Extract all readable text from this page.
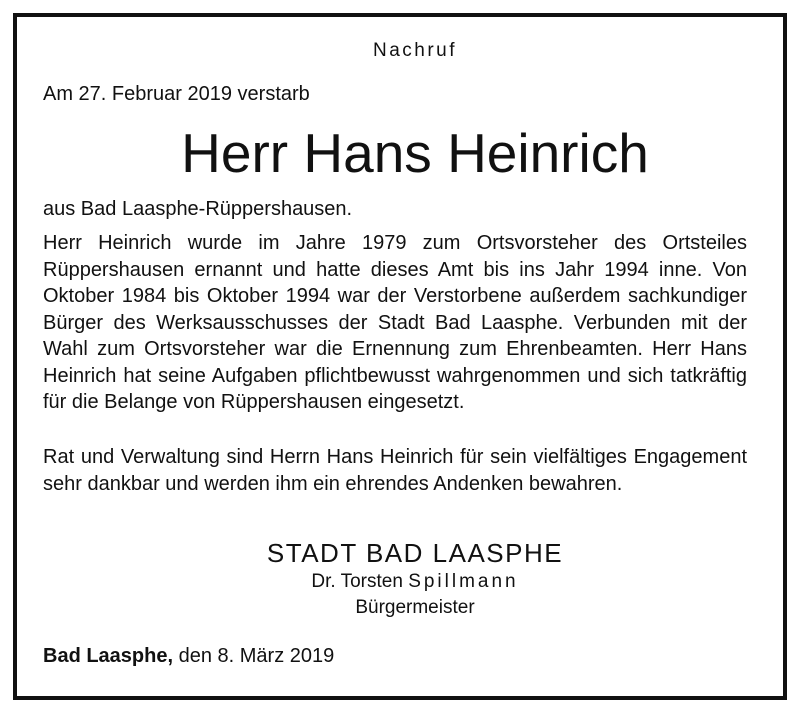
Nachruf
Am 27. Februar 2019 verstarb
Herr Hans Heinrich
aus Bad Laasphe-Rüppershausen.
Herr Heinrich wurde im Jahre 1979 zum Ortsvorsteher des Ortsteiles Rüppershausen ernannt und hatte dieses Amt bis ins Jahr 1994 inne. Von Oktober 1984 bis Oktober 1994 war der Verstorbene außerdem sachkundiger Bürger des Werksausschusses der Stadt Bad Laasphe. Verbunden mit der Wahl zum Ortsvorsteher war die Ernennung zum Ehrenbeamten. Herr Hans Heinrich hat seine Aufgaben pflichtbewusst wahrgenommen und sich tatkräftig für die Belange von Rüppershausen eingesetzt.
Rat und Verwaltung sind Herrn Hans Heinrich für sein vielfältiges Engagement sehr dankbar und werden ihm ein ehrendes Andenken bewahren.
STADT BAD LAASPHE
Dr. Torsten Spillmann
Bürgermeister
Bad Laasphe, den 8. März 2019
